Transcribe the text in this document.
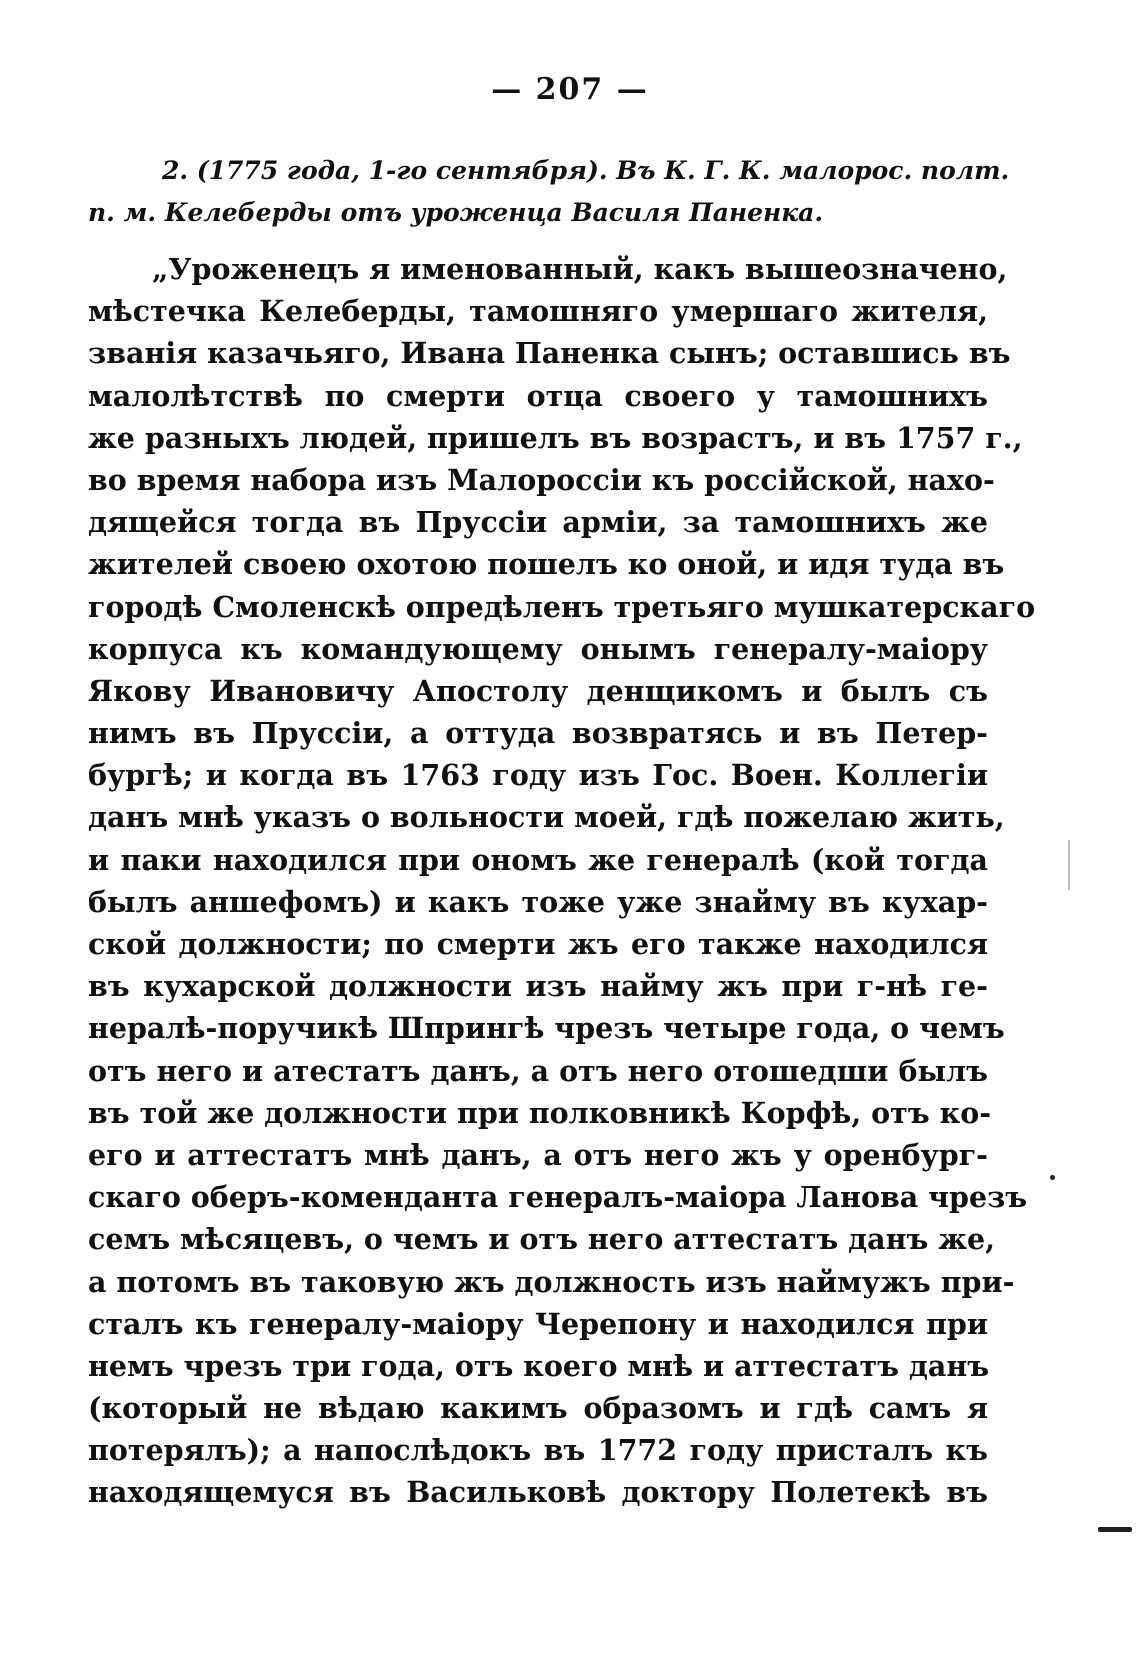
— 207 —
2. (1775 года, 1-го сентября). Въ К. Г. К. малорос. полт.
п. м. Келеберды отъ уроженца Василя Паненка.
„Уроженецъ я именованный, какъ вышеозначено,
мѣстечка Келеберды, тамошняго умершаго жителя,
званія казачьяго, Ивана Паненка сынъ; оставшись въ
малолѣтствѣ по смерти отца своего у тамошнихъ
же разныхъ людей, пришелъ въ возрастъ, и въ 1757 г.,
во время набора изъ Малороссіи къ россійской, нахо-
дящейся тогда въ Пруссіи арміи, за тамошнихъ же
жителей своею охотою пошелъ ко оной, и идя туда въ
городѣ Смоленскѣ опредѣленъ третьяго мушкатерскаго
корпуса къ командующему онымъ генералу-маіору
Якову Ивановичу Апостолу денщикомъ и былъ съ
нимъ въ Пруссіи, а оттуда возвратясь и въ Петер-
бургѣ; и когда въ 1763 году изъ Гос. Воен. Коллегіи
данъ мнѣ указъ о вольности моей, гдѣ пожелаю жить,
и паки находился при ономъ же генералѣ (кой тогда
былъ аншефомъ) и какъ тоже уже знайму въ кухар-
ской должности; по смерти жъ его также находился
въ кухарской должности изъ найму жъ при г-нѣ ге-
нералѣ-поручикѣ Шпрингѣ чрезъ четыре года, о чемъ
отъ него и атестатъ данъ, а отъ него отошедши былъ
въ той же должности при полковникѣ Корфѣ, отъ ко-
его и аттестатъ мнѣ данъ, а отъ него жъ у оренбург-
скаго оберъ-коменданта генералъ-маіора Ланова чрезъ
семъ мѣсяцевъ, о чемъ и отъ него аттестатъ данъ же,
а потомъ въ таковую жъ должность изъ наймужъ при-
сталъ къ генералу-маіору Черепону и находился при
немъ чрезъ три года, отъ коего мнѣ и аттестатъ данъ
(который не вѣдаю какимъ образомъ и гдѣ самъ я
потерялъ); а напослѣдокъ въ 1772 году присталъ къ
находящемуся въ Васильковѣ доктору Полетекѣ въ
